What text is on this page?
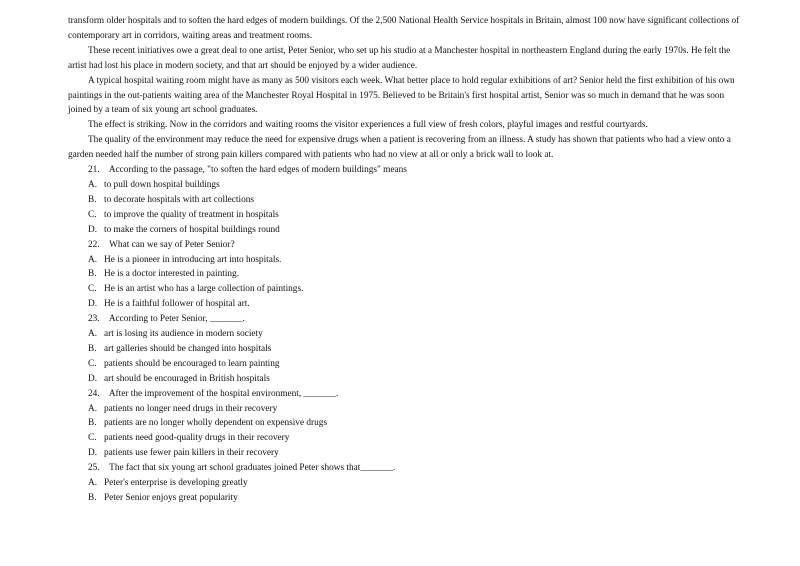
transform older hospitals and to soften the hard edges of modern buildings. Of the 2,500 National Health Service hospitals in Britain, almost 100 now have significant collections of contemporary art in corridors, waiting areas and treatment rooms.

These recent initiatives owe a great deal to one artist, Peter Senior, who set up his studio at a Manchester hospital in northeastern England during the early 1970s. He felt the artist had lost his place in modern society, and that art should be enjoyed by a wider audience.

A typical hospital waiting room might have as many as 500 visitors each week. What better place to hold regular exhibitions of art? Senior held the first exhibition of his own paintings in the out-patients waiting area of the Manchester Royal Hospital in 1975. Believed to be Britain's first hospital artist, Senior was so much in demand that he was soon joined by a team of six young art school graduates.

The effect is striking. Now in the corridors and waiting rooms the visitor experiences a full view of fresh colors, playful images and restful courtyards.

The quality of the environment may reduce the need for expensive drugs when a patient is recovering from an illness. A study has shown that patients who had a view onto a garden needed half the number of strong pain killers compared with patients who had no view at all or only a brick wall to look at.

21. According to the passage, "to soften the hard edges of modern buildings" means

A. to pull down hospital buildings

B. to decorate hospitals with art collections

C. to improve the quality of treatment in hospitals

D. to make the corners of hospital buildings round

22. What can we say of Peter Senior?

A. He is a pioneer in introducing art into hospitals.

B. He is a doctor interested in painting.

C. He is an artist who has a large collection of paintings.

D. He is a faithful follower of hospital art.

23. According to Peter Senior, _______.

A. art is losing its audience in modern society

B. art galleries should be changed into hospitals

C. patients should be encouraged to learn painting

D. art should be encouraged in British hospitals

24. After the improvement of the hospital environment, _______.

A. patients no longer need drugs in their recovery

B. patients are no longer wholly dependent on expensive drugs

C. patients need good-quality drugs in their recovery

D. patients use fewer pain killers in their recovery

25. The fact that six young art school graduates joined Peter shows that_______.

A. Peter's enterprise is developing greatly

B. Peter Senior enjoys great popularity
